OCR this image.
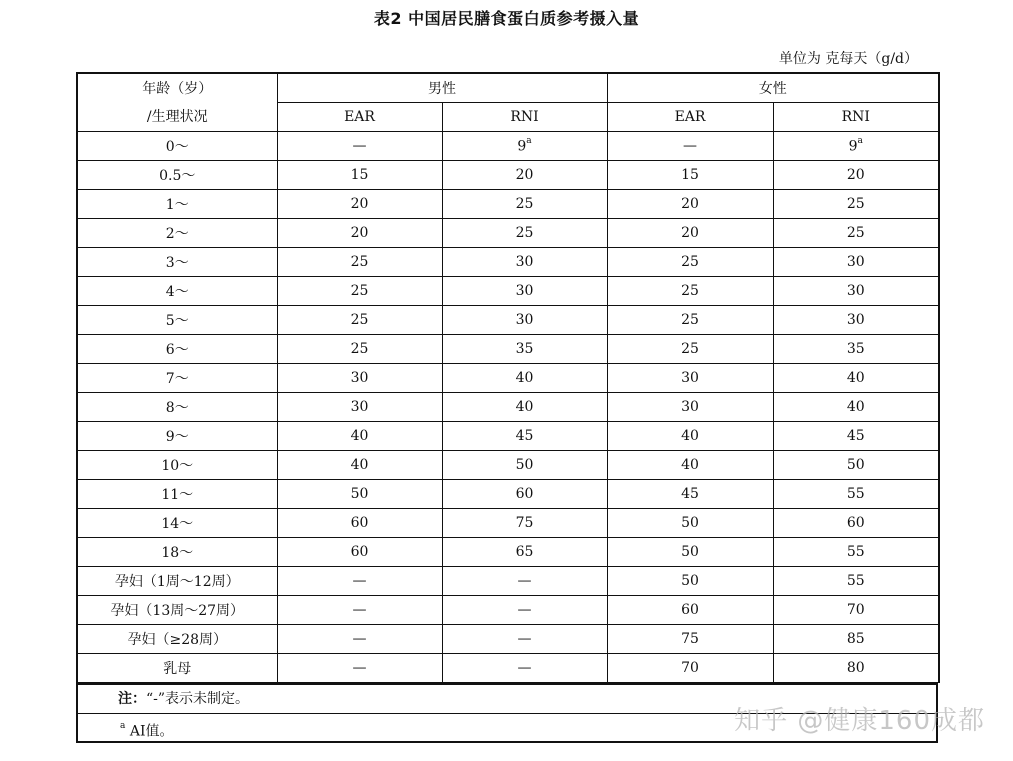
表2 中国居民膳食蛋白质参考摄入量
单位为 克每天（g/d）
年龄（岁）
/生理状况	男性		女性	
	EAR	RNI	EAR	RNI
0～	—	9$^a$	—	9$^a$
0.5～	15	20	15	20
1～	20	25	20	25
2～	20	25	20	25
3～	25	30	25	30
4～	25	30	25	30
5～	25	30	25	30
6～	25	35	25	35
7～	30	40	30	40
8～	30	40	30	40
9～	40	45	40	45
10～	40	50	40	50
11～	50	60	45	55
14～	60	75	50	60
18～	60	65	50	55
孕妇（1周～12周）	—	—	50	55
孕妇（13周～27周）	—	—	60	70
孕妇（≥28周）	—	—	75	85
乳母	—	—	70	80
注：“-”表示未制定。
$^a$ AI值。	知乎 @健康160成都
